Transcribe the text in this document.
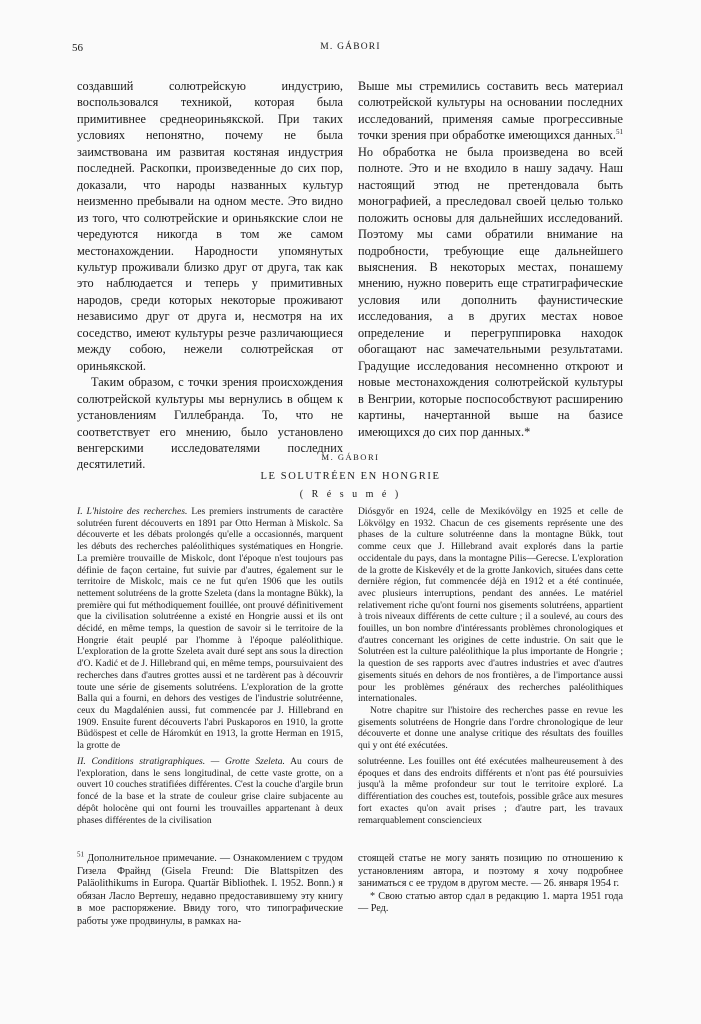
56	M. GÁBORI

создавший солютрейскую индустрию, воспользовался техникой, которая была примитивнее среднеориньякской. При таких условиях непонятно, почему не была заимствована им развитая костяная индустрия последней. Раскопки, произведенные до сих пор, доказали, что народы названных культур неизменно пребывали на одном месте. Это видно из того, что солютрейские и ориньякские слои не чередуются никогда в том же самом местонахождении. Народности упомянутых культур проживали близко друг от друга, так как это наблюдается и теперь у примитивных народов, среди которых некоторые проживают независимо друг от друга и, несмотря на их соседство, имеют культуры резче различающиеся между собою, нежели солютрейская от ориньякской.

Таким образом, с точки зрения происхождения солютрейской культуры мы вернулись в общем к установлениям Гиллебранда. То, что не соответствует его мнению, было установлено венгерскими исследователями последних десятилетий.

Выше мы стремились составить весь материал солютрейской культуры на основании последних исследований, применяя самые прогрессивные точки зрения при обработке имеющихся данных.$^{51}$ Но обработка не была произведена во всей полноте. Это и не входило в нашу задачу. Наш настоящий этюд не претендовала быть монографией, а преследовал своей целью только положить основы для дальнейших исследований. Поэтому мы сами обратили внимание на подробности, требующие еще дальнейшего выяснения. В некоторых местах, понашему мнению, нужно поверить еще стратиграфические условия или дополнить фаунистические исследования, а в других местах новое определение и перегруппировка находок обогащают нас замечательными результатами. Градущие исследования несомненно откроют и новые местонахождения солютрейской культуры в Венгрии, которые поспособствуют расширению картины, начертанной выше на базисе имеющихся до сих пор данных.*

M. GÁBORI
LE SOLUTRÉEN EN HONGRIE
( R é s u m é )

I. L'histoire des recherches. Les premiers instruments de caractère solutréen furent découverts en 1891 par Otto Herman à Miskolc. Sa découverte et les débats prolongés qu'elle a occasionnés, marquent les débuts des recherches paléolithiques systématiques en Hongrie. La première trouvaille de Miskolc, dont l'époque n'est toujours pas définie de façon certaine, fut suivie par d'autres, également sur le territoire de Miskolc, mais ce ne fut qu'en 1906 que les outils nettement solutréens de la grotte Szeleta (dans la montagne Bükk), la première qui fut méthodiquement fouillée, ont prouvé définitivement que la civilisation solutréenne a existé en Hongrie aussi et ils ont décidé, en même temps, la question de savoir si le territoire de la Hongrie était peuplé par l'homme à l'époque paléolithique. L'exploration de la grotte Szeleta avait duré sept ans sous la direction d'O. Kadić et de J. Hillebrand qui, en même temps, poursuivaient des recherches dans d'autres grottes aussi et ne tardèrent pas à découvrir toute une série de gisements solutréens. L'exploration de la grotte Balla qui a fourni, en dehors des vestiges de l'industrie solutréenne, ceux du Magdalénien aussi, fut commencée par J. Hillebrand en 1909. Ensuite furent découverts l'abri Puskaporos en 1910, la grotte Büdöspest et celle de Háromkút en 1913, la grotte Herman en 1915, la grotte de

Diósgyőr en 1924, celle de Mexikóvölgy en 1925 et celle de Lökvölgy en 1932. Chacun de ces gisements représente une des phases de la culture solutréenne dans la montagne Bükk, tout comme ceux que J. Hillebrand avait explorés dans la partie occidentale du pays, dans la montagne Pilis—Gerecse. L'exploration de la grotte de Kiskevély et de la grotte Jankovich, situées dans cette dernière région, fut commencée déjà en 1912 et a été continuée, avec plusieurs interruptions, pendant des années. Le matériel relativement riche qu'ont fourni nos gisements solutréens, appartient à trois niveaux différents de cette culture ; il a soulevé, au cours des fouilles, un bon nombre d'intéressants problèmes chronologiques et d'autres concernant les origines de cette industrie. On sait que le Solutréen est la culture paléolithique la plus importante de Hongrie ; la question de ses rapports avec d'autres industries et avec d'autres gisements situés en dehors de nos frontières, a de l'importance aussi pour les problèmes généraux des recherches paléolithiques internationales.

Notre chapitre sur l'histoire des recherches passe en revue les gisements solutréens de Hongrie dans l'ordre chronologique de leur découverte et donne une analyse critique des résultats des fouilles qui y ont été exécutées.

II. Conditions stratigraphiques. — Grotte Szeleta. Au cours de l'exploration, dans le sens longitudinal, de cette vaste grotte, on a ouvert 10 couches stratifiées différentes. C'est la couche d'argile brun foncé de la base et la strate de couleur grise claire subjacente au dépôt holocène qui ont fourni les trouvailles appartenant à deux phases différentes de la civilisation

solutréenne. Les fouilles ont été exécutées malheureusement à des époques et dans des endroits différents et n'ont pas été poursuivies jusqu'à la même profondeur sur tout le territoire exploré. La différentiation des couches est, toutefois, possible grâce aux mesures fort exactes qu'on avait prises ; d'autre part, les travaux remarquablement consciencieux

$^{51}$ Дополнительное примечание. — Ознакомлением с трудом Гизела Фрайнд (Gisela Freund: Die Blattspitzen des Paläolithikums in Europa. Quartär Bibliothek. I. 1952. Bonn.) я обязан Ласло Вертешу, недавно предоставившему эту книгу в мое распоряжение. Ввиду того, что типографические работы уже продвинулы, в рамках на-

стоящей статье не могу занять позицию по отношению к установлениям автора, и поэтому я хочу подробнее заниматься с ее трудом в другом месте. — 26. января 1954 г.

* Свою статью автор сдал в редакцию 1. марта 1951 года — Ред.
